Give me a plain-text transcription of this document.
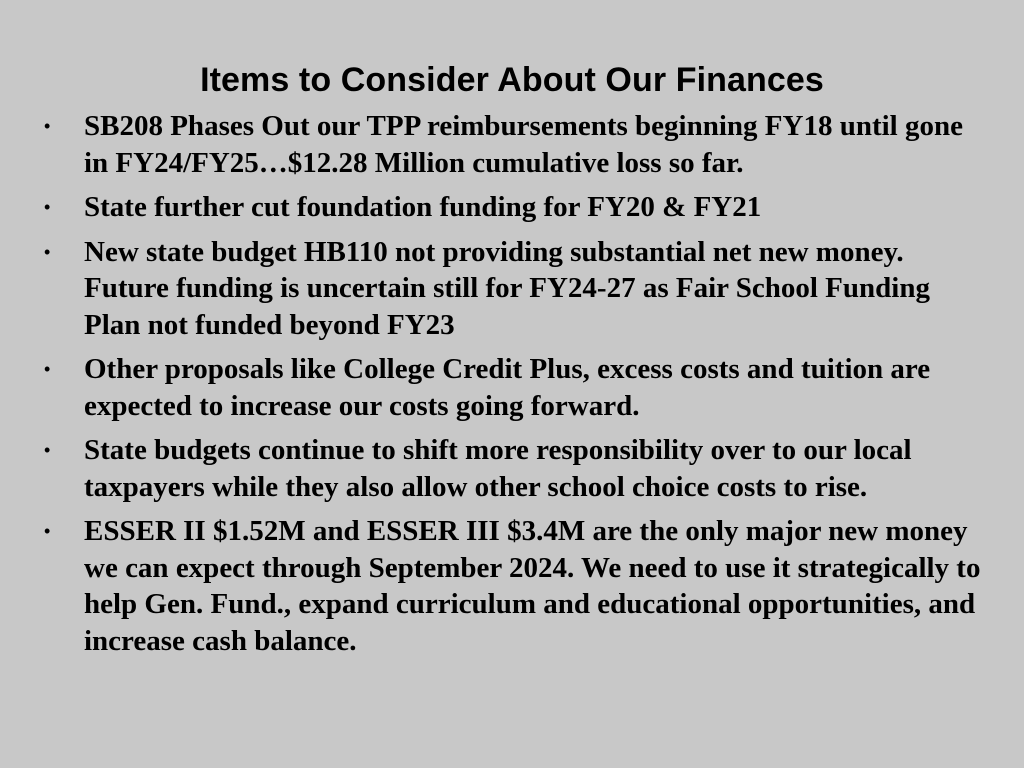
Items to Consider About Our Finances
• SB208 Phases Out our TPP reimbursements beginning FY18 until gone in FY24/FY25…$12.28 Million cumulative loss so far.
• State further cut foundation funding for FY20 & FY21
• New state budget HB110 not providing substantial net new money. Future funding is uncertain still for FY24-27 as Fair School Funding Plan not funded beyond FY23
• Other proposals like College Credit Plus, excess costs and tuition are expected to increase our costs going forward.
• State budgets continue to shift more responsibility over to our local taxpayers while they also allow other school choice costs to rise.
• ESSER II $1.52M and ESSER III $3.4M are the only major new money we can expect through September 2024. We need to use it strategically to help Gen. Fund., expand curriculum and educational opportunities, and increase cash balance.
